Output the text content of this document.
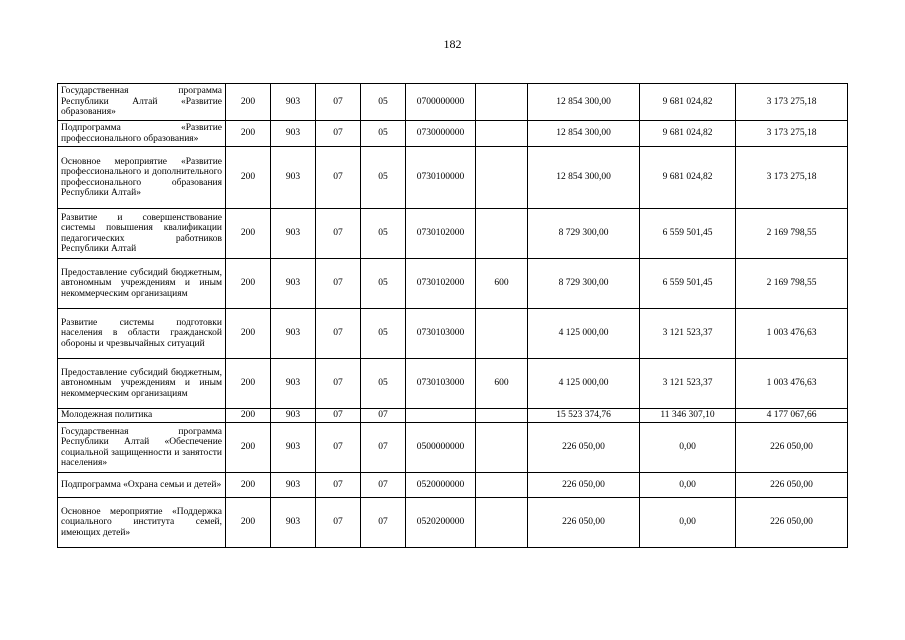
182
Государственная программа Республики Алтай «Развитие образования»	200	903	07	05	0700000000		12 854 300,00	9 681 024,82	3 173 275,18
Подпрограмма «Развитие профессионального образования»	200	903	07	05	0730000000		12 854 300,00	9 681 024,82	3 173 275,18
Основное мероприятие «Развитие профессионального и дополнительного профессионального образования Республики Алтай»	200	903	07	05	0730100000		12 854 300,00	9 681 024,82	3 173 275,18
Развитие и совершенствование системы повышения квалификации педагогических работников Республики Алтай	200	903	07	05	0730102000		8 729 300,00	6 559 501,45	2 169 798,55
Предоставление субсидий бюджетным, автономным учреждениям и иным некоммерческим организациям	200	903	07	05	0730102000	600	8 729 300,00	6 559 501,45	2 169 798,55
Развитие системы подготовки населения в области гражданской обороны и чрезвычайных ситуаций	200	903	07	05	0730103000		4 125 000,00	3 121 523,37	1 003 476,63
Предоставление субсидий бюджетным, автономным учреждениям и иным некоммерческим организациям	200	903	07	05	0730103000	600	4 125 000,00	3 121 523,37	1 003 476,63
Молодежная политика	200	903	07	07			15 523 374,76	11 346 307,10	4 177 067,66
Государственная программа Республики Алтай «Обеспечение социальной защищенности и занятости населения»	200	903	07	07	0500000000		226 050,00	0,00	226 050,00
Подпрограмма «Охрана семьи и детей»	200	903	07	07	0520000000		226 050,00	0,00	226 050,00
Основное мероприятие «Поддержка социального института семей, имеющих детей»	200	903	07	07	0520200000		226 050,00	0,00	226 050,00
